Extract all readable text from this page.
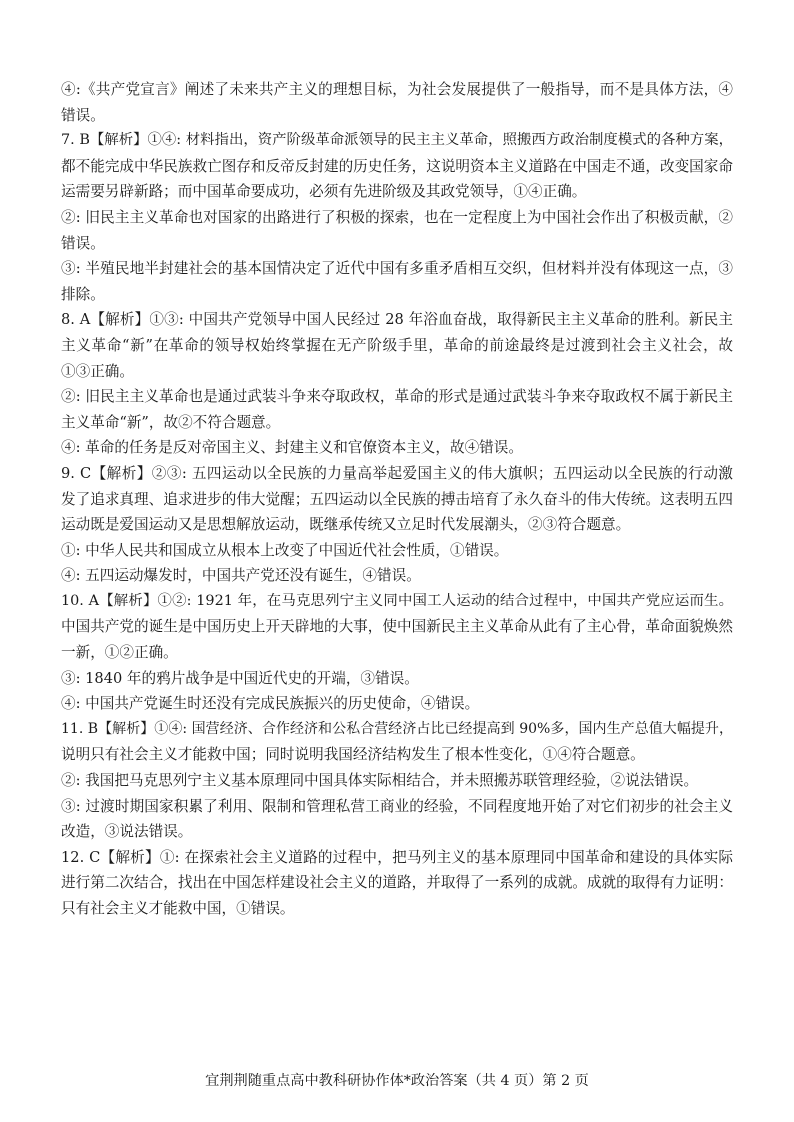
④:《共产党宣言》阐述了未来共产主义的理想目标，为社会发展提供了一般指导，而不是具体方法，④
错误。
7. B【解析】①④: 材料指出，资产阶级革命派领导的民主主义革命，照搬西方政治制度模式的各种方案，
都不能完成中华民族救亡图存和反帝反封建的历史任务，这说明资本主义道路在中国走不通，改变国家命
运需要另辟新路；而中国革命要成功，必须有先进阶级及其政党领导，①④正确。
②: 旧民主主义革命也对国家的出路进行了积极的探索，也在一定程度上为中国社会作出了积极贡献，②
错误。
③: 半殖民地半封建社会的基本国情决定了近代中国有多重矛盾相互交织，但材料并没有体现这一点，③
排除。
8. A【解析】①③: 中国共产党领导中国人民经过 28 年浴血奋战，取得新民主主义革命的胜利。新民主
主义革命“新”在革命的领导权始终掌握在无产阶级手里，革命的前途最终是过渡到社会主义社会，故
①③正确。
②: 旧民主主义革命也是通过武装斗争来夺取政权，革命的形式是通过武装斗争来夺取政权不属于新民主
主义革命“新”，故②不符合题意。
④: 革命的任务是反对帝国主义、封建主义和官僚资本主义，故④错误。
9. C【解析】②③: 五四运动以全民族的力量高举起爱国主义的伟大旗帜；五四运动以全民族的行动激
发了追求真理、追求进步的伟大觉醒；五四运动以全民族的搏击培育了永久奋斗的伟大传统。这表明五四
运动既是爱国运动又是思想解放运动，既继承传统又立足时代发展潮头，②③符合题意。
①: 中华人民共和国成立从根本上改变了中国近代社会性质，①错误。
④: 五四运动爆发时，中国共产党还没有诞生，④错误。
10. A【解析】①②: 1921 年，在马克思列宁主义同中国工人运动的结合过程中，中国共产党应运而生。
中国共产党的诞生是中国历史上开天辟地的大事，使中国新民主主义革命从此有了主心骨，革命面貌焕然
一新，①②正确。
③: 1840 年的鸦片战争是中国近代史的开端，③错误。
④: 中国共产党诞生时还没有完成民族振兴的历史使命，④错误。
11. B【解析】①④: 国营经济、合作经济和公私合营经济占比已经提高到 90%多，国内生产总值大幅提升，
说明只有社会主义才能救中国；同时说明我国经济结构发生了根本性变化，①④符合题意。
②: 我国把马克思列宁主义基本原理同中国具体实际相结合，并未照搬苏联管理经验，②说法错误。
③: 过渡时期国家积累了利用、限制和管理私营工商业的经验，不同程度地开始了对它们初步的社会主义
改造，③说法错误。
12. C【解析】①: 在探索社会主义道路的过程中，把马列主义的基本原理同中国革命和建设的具体实际
进行第二次结合，找出在中国怎样建设社会主义的道路，并取得了一系列的成就。成就的取得有力证明：
只有社会主义才能救中国，①错误。
宜荆荆随重点高中教科研协作体*政治答案（共 4 页）第 2 页
